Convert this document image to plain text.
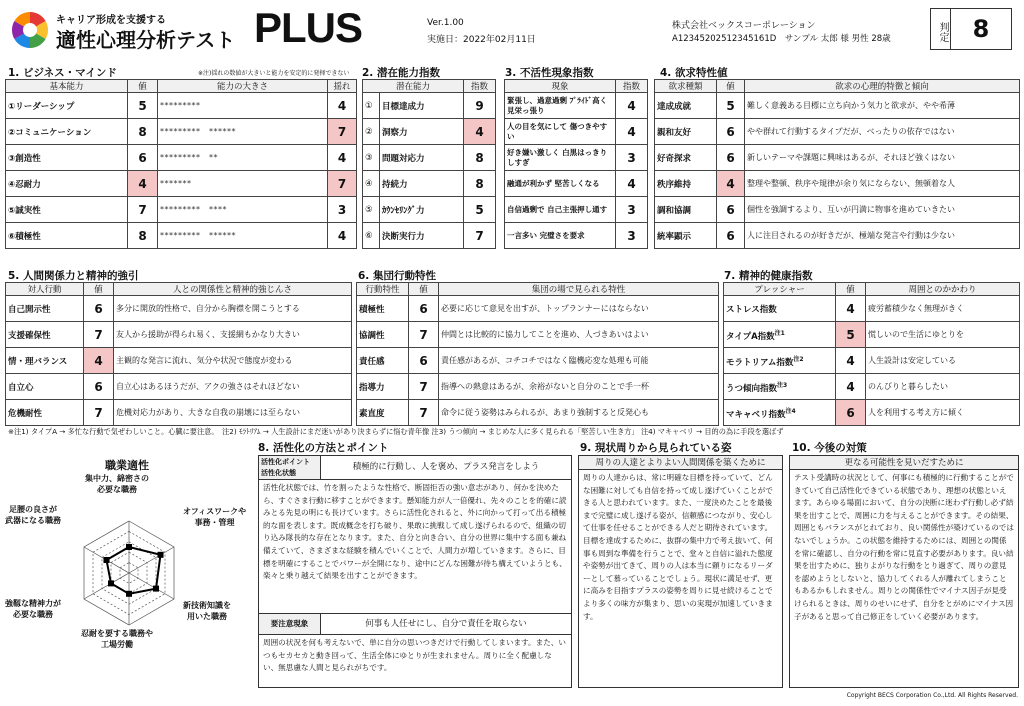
キャリア形成を支援する
適性心理分析テスト PLUS	Ver.1.00
実施日：2022年02月11日
株式会社ベックスコーポレーション
A12345202512345161D　サンプル 太郎 様 男性 28歳	判定	8
1. ビジネス・マインド	※注)揺れの数値が大きいと能力を安定的に発揮できない 2. 潜在能力指数	3. 不活性現象指数	4. 欲求特性値
基本能力	値	能力の大きさ	揺れ
①リーダーシップ	5	*********	4
②コミュニケーション	8	*********　******	7
③創造性	6	*********　**	4
④忍耐力	4	*******	7
⑤誠実性	7	*********　****	3
⑥積極性	8	*********　******	4
潜在能力		指数
①	目標達成力	9
②	洞察力	4
③	問題対応力	8
④	持続力	8
⑤	ｶｳﾝｾﾘﾝｸﾞ力	5
⑥	決断実行力	7
現象	指数
緊張し、過意過剰 ﾌﾟﾗｲﾄﾞ高く見栄っ張り	4
人の目を気にして 傷つきやすい	4
好き嫌い激しく 白黒はっきりしすぎ	3
融通が利かず 堅苦しくなる	4
自信過剰で 自己主張押し通す	3
一言多い 完璧さを要求	3
欲求種類	値	欲求の心理的特徴と傾向
達成成就	5	難しく意義ある目標に立ち向かう気力と欲求が、やや希薄
親和友好	6	やや群れて行動するタイプだが、べったりの依存ではない
好奇探求	6	新しいテーマや課題に興味はあるが、それほど強くはない
秩序維持	4	整理や整頓、秩序や規律が余り気にならない、無頓着な人
調和協調	6	個性を強調するより、互いが円満に物事を進めていきたい
統率顕示	6	人に注目されるのが好きだが、極端な発言や行動は少ない
5. 人間関係力と精神的強引	6. 集団行動特性	7. 精神的健康指数
対人行動	値	人との関係性と精神的強じんさ
自己開示性	6	多分に開放的性格で、自分から胸襟を開こうとする
支援確保性	7	友人から援助が得られ易く、支援網もかなり大きい
情・理バランス	4	主観的な発言に流れ、気分や状況で態度が変わる
自立心	6	自立心はあるほうだが、アクの強さはそれほどない
危機耐性	7	危機対応力があり、大きな自我の崩壊には至らない
行動特性	値	集団の場で見られる特性
積極性	6	必要に応じて意見を出すが、トップランナーにはならない
協調性	7	仲間とは比較的に協力してことを進め、人づきあいはよい
責任感	6	責任感があるが、コチコチではなく臨機応変な処理も可能
指導力	7	指導への熱意はあるが、余裕がないと自分のことで手一杯
素直度	7	命令に従う姿勢はみられるが、あまり強制すると反発心も
プレッシャー	値	周囲とのかかわり
ストレス指数	4	疲労蓄積少なく無理がきく
タイプA指数$^{注1}$	5	慌しいので生活にゆとりを
モラトリアム指数$^{注2}$	4	人生設計は安定している
うつ傾向指数$^{注3}$	4	のんびりと暮らしたい
マキャベリ指数$^{注4}$	6	人を利用する考え方に傾く
※注1) タイプA → 多忙な行動で気ぜわしいこと。心臓に要注意。　注2) ﾓﾗﾄﾘｱﾑ → 人生設計にまだ迷いがあり決まらずに悩む青年像 注3) うつ傾向 → まじめな人に多く見られる「堅苦しい生き方」 注4) マキャベリ → 目的の為に手段を選ばず
職業適性
集中力、綿密さの
必要な職務
オフィスワークや
事務・管理
新技術知識を
用いた職務
忍耐を要する職務や
工場労働
強靱な精神力が
必要な職務
足腰の良さが
武器になる職務
8. 活性化の方法とポイント
活性化ポイント
活性化状態
積極的に行動し、人を褒め、プラス発言をしよう
活性化状態では、竹を割ったような性格で、断固拒否の強い意志があり、何かを決めたら、すぐさま行動に移すことができます。懸知能力が人一倍優れ、先々のことを的確に読みとる先見の明にも長けています。さらに活性化されると、外に向かって打って出る積極的な面を表します。既成概念を打ち破り、果敢に挑戦して成し遂げられるので、組織の切り込み隊長的な存在となります。また、自分と向き合い、自分の世界に集中する面も兼ね備えていて、さまざまな経験を積んでいくことで、人間力が増していきます。さらに、目標を明確にすることでパワーが全開になり、途中にどんな困難が待ち構えていようとも、楽々と乗り越えて結果を出すことができます。
要注意現象	何事も人任せにし、自分で責任を取らない
周囲の状況を何も考えないで、単に自分の思いつきだけで行動してしまいます。また、いつもセカセカと動き回って、生活全体にゆとりが生まれません。周りに全く配慮しない、無思慮な人間と見られがちです。
9. 現状周りから見られている姿
周りの人達とよりよい人間関係を築くために
周りの人達からは、常に明確な目標を持っていて、どんな困難に対しても自信を持って成し遂げていくことができる人と思われています。また、一度決めたことを最後まで完璧に成し遂げる姿が、信頼感につながり、安心して仕事を任せることができる人だと期待されています。目標を達成するために、抜群の集中力で考え抜いて、何事も周到な準備を行うことで、堂々と自信に溢れた態度や姿勢が出てきて、周りの人は本当に頼りになるリーダーとして慕っていることでしょう。現状に満足せず、更に高みを目指すプラスの姿勢を周りに見せ続けることでより多くの味方が集まり、思いの実現が加速していきます。
10. 今後の対策
更なる可能性を見いだすために
テスト受講時の状況として、何事にも積極的に行動することができていて自己活性化できている状態であり、理想の状態といえます。あらゆる場面において、自分の決断に迷わず行動し必ず結果を出すことで、周囲に力を与えることができます。その結果、周囲ともバランスがとれており、良い関係性が築けているのではないでしょうか。この状態を維持するためには、周囲との関係を常に確認し、自分の行動を常に見直す必要があります。良い結果を出すために、独りよがりな行動をとり過ぎて、周りの意見を認めようとしないと、協力してくれる人が離れてしまうこともあるかもしれません。周りとの関係性でマイナス因子が見受けられるときは、周りのせいにせず、自分をとがめにマイナス因子があると思って自己修正をしていく必要があります。
Copyright BECS Corporation Co.,Ltd. All Rights Reserved.
